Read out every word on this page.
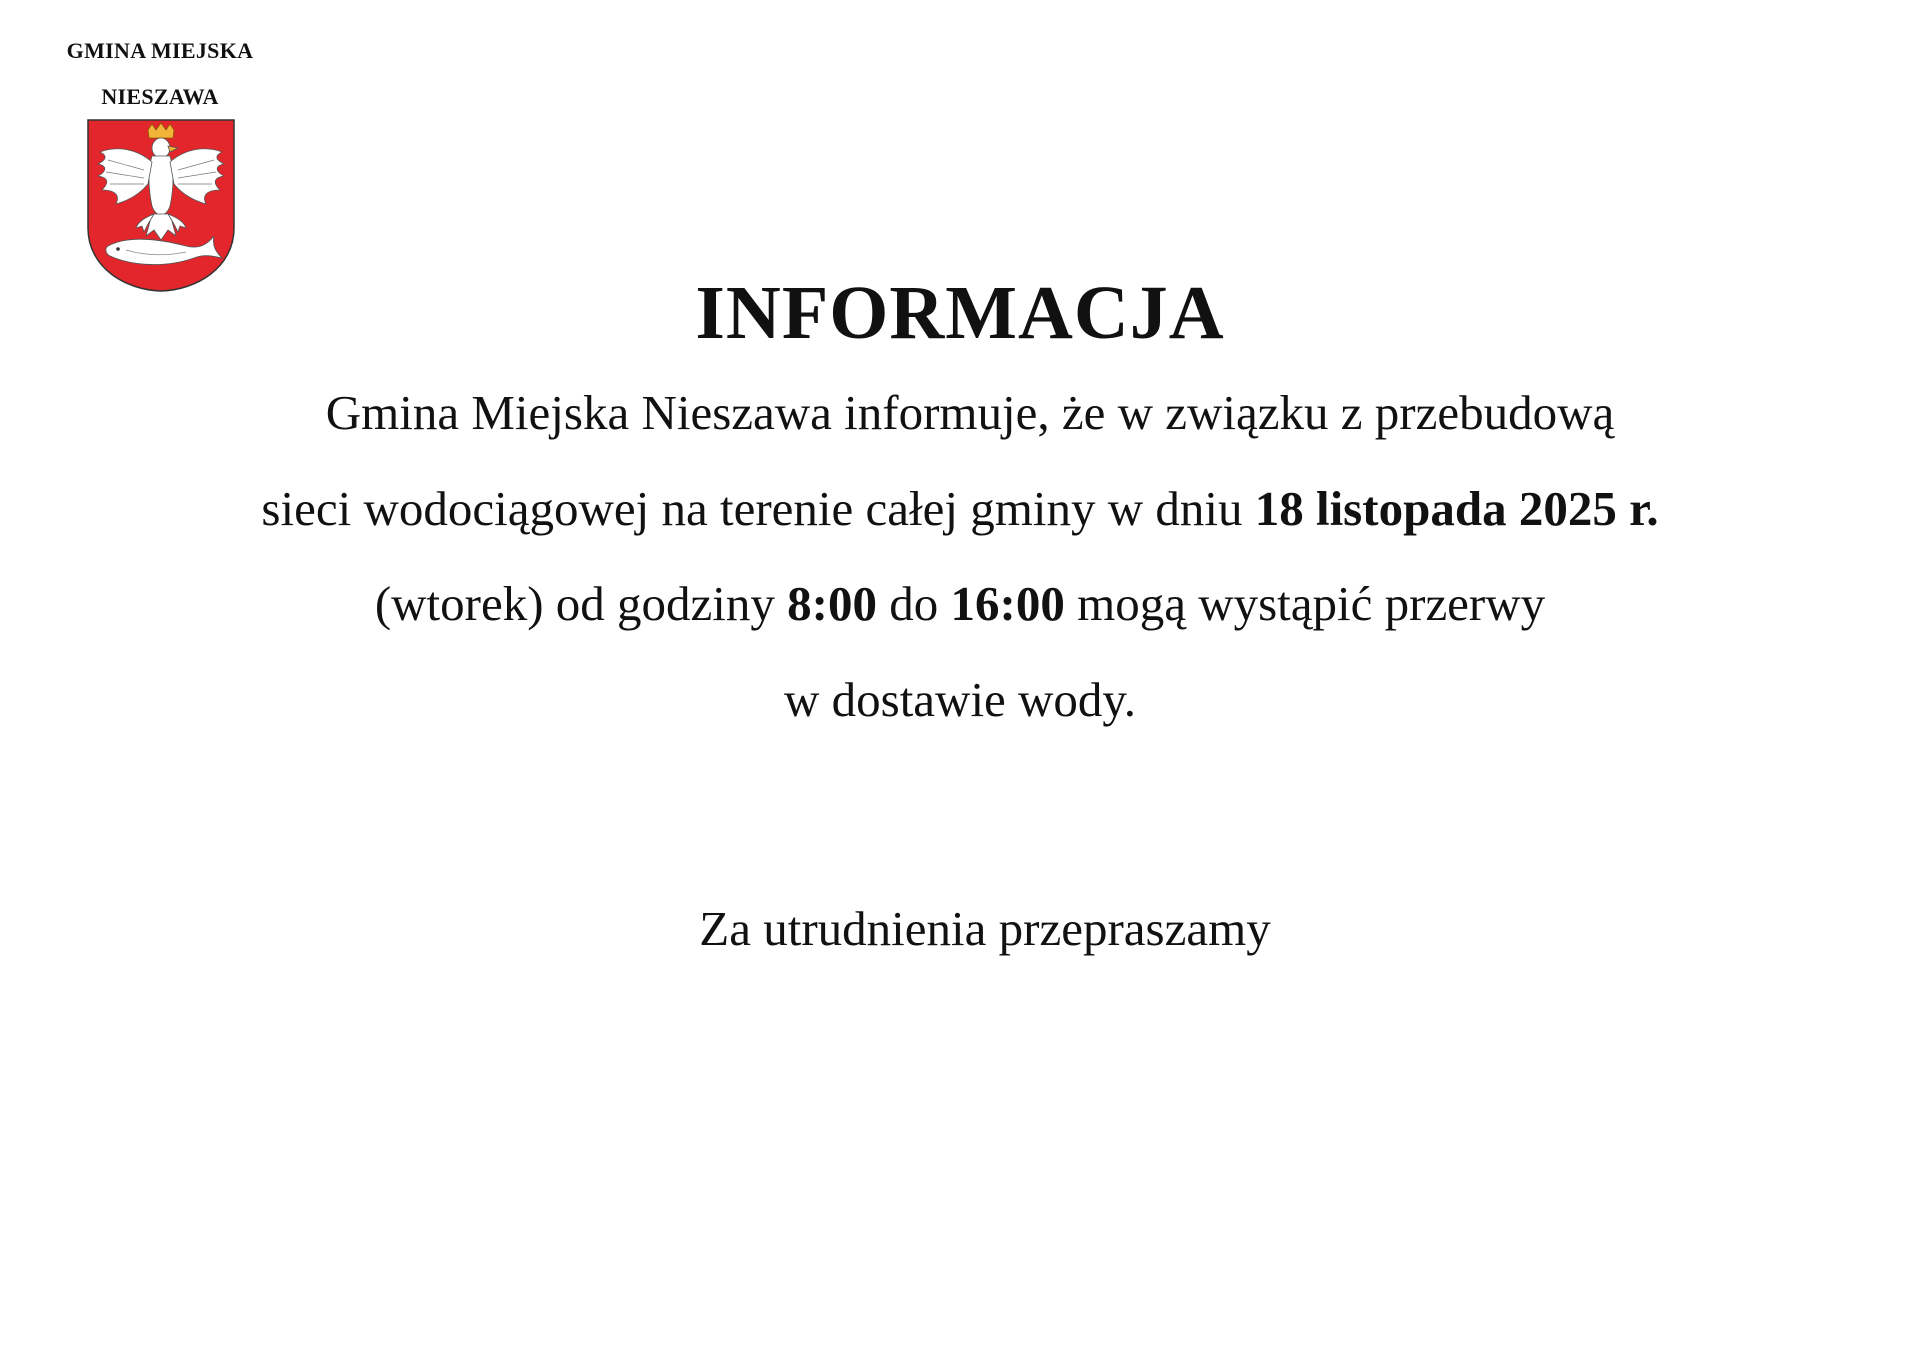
GMINA MIEJSKA
NIESZAWA
INFORMACJA
Gmina Miejska Nieszawa informuje, że w związku z przebudową
sieci wodociągowej na terenie całej gminy w dniu 18 listopada 2025 r.
(wtorek) od godziny 8:00 do 16:00 mogą wystąpić przerwy
w dostawie wody.
Za utrudnienia przepraszamy
